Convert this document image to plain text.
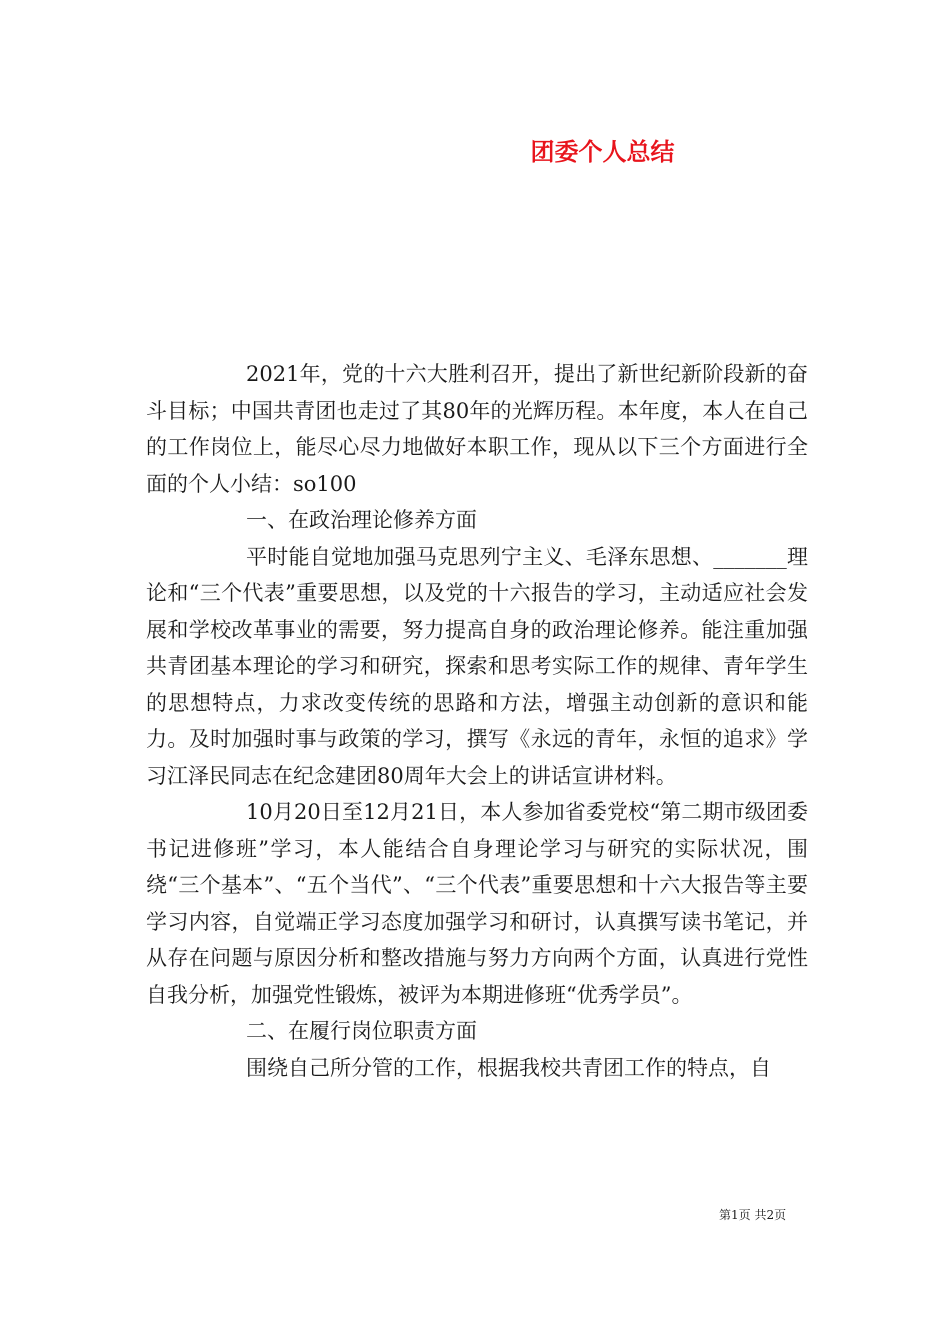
团委个人总结

2021年，党的十六大胜利召开，提出了新世纪新阶段新的奋斗目标；中国共青团也走过了其80年的光辉历程。本年度，本人在自己的工作岗位上，能尽心尽力地做好本职工作，现从以下三个方面进行全面的个人小结：so100

一、在政治理论修养方面

平时能自觉地加强马克思列宁主义、毛泽东思想、_______理论和“三个代表”重要思想，以及党的十六报告的学习，主动适应社会发展和学校改革事业的需要，努力提高自身的政治理论修养。能注重加强共青团基本理论的学习和研究，探索和思考实际工作的规律、青年学生的思想特点，力求改变传统的思路和方法，增强主动创新的意识和能力。及时加强时事与政策的学习，撰写《永远的青年，永恒的追求》学习江泽民同志在纪念建团80周年大会上的讲话宣讲材料。

10月20日至12月21日，本人参加省委党校“第二期市级团委书记进修班”学习，本人能结合自身理论学习与研究的实际状况，围绕“三个基本”、“五个当代”、“三个代表”重要思想和十六大报告等主要学习内容，自觉端正学习态度加强学习和研讨，认真撰写读书笔记，并从存在问题与原因分析和整改措施与努力方向两个方面，认真进行党性自我分析，加强党性锻炼，被评为本期进修班“优秀学员”。

二、在履行岗位职责方面

围绕自己所分管的工作，根据我校共青团工作的特点，自

第1页 共2页
